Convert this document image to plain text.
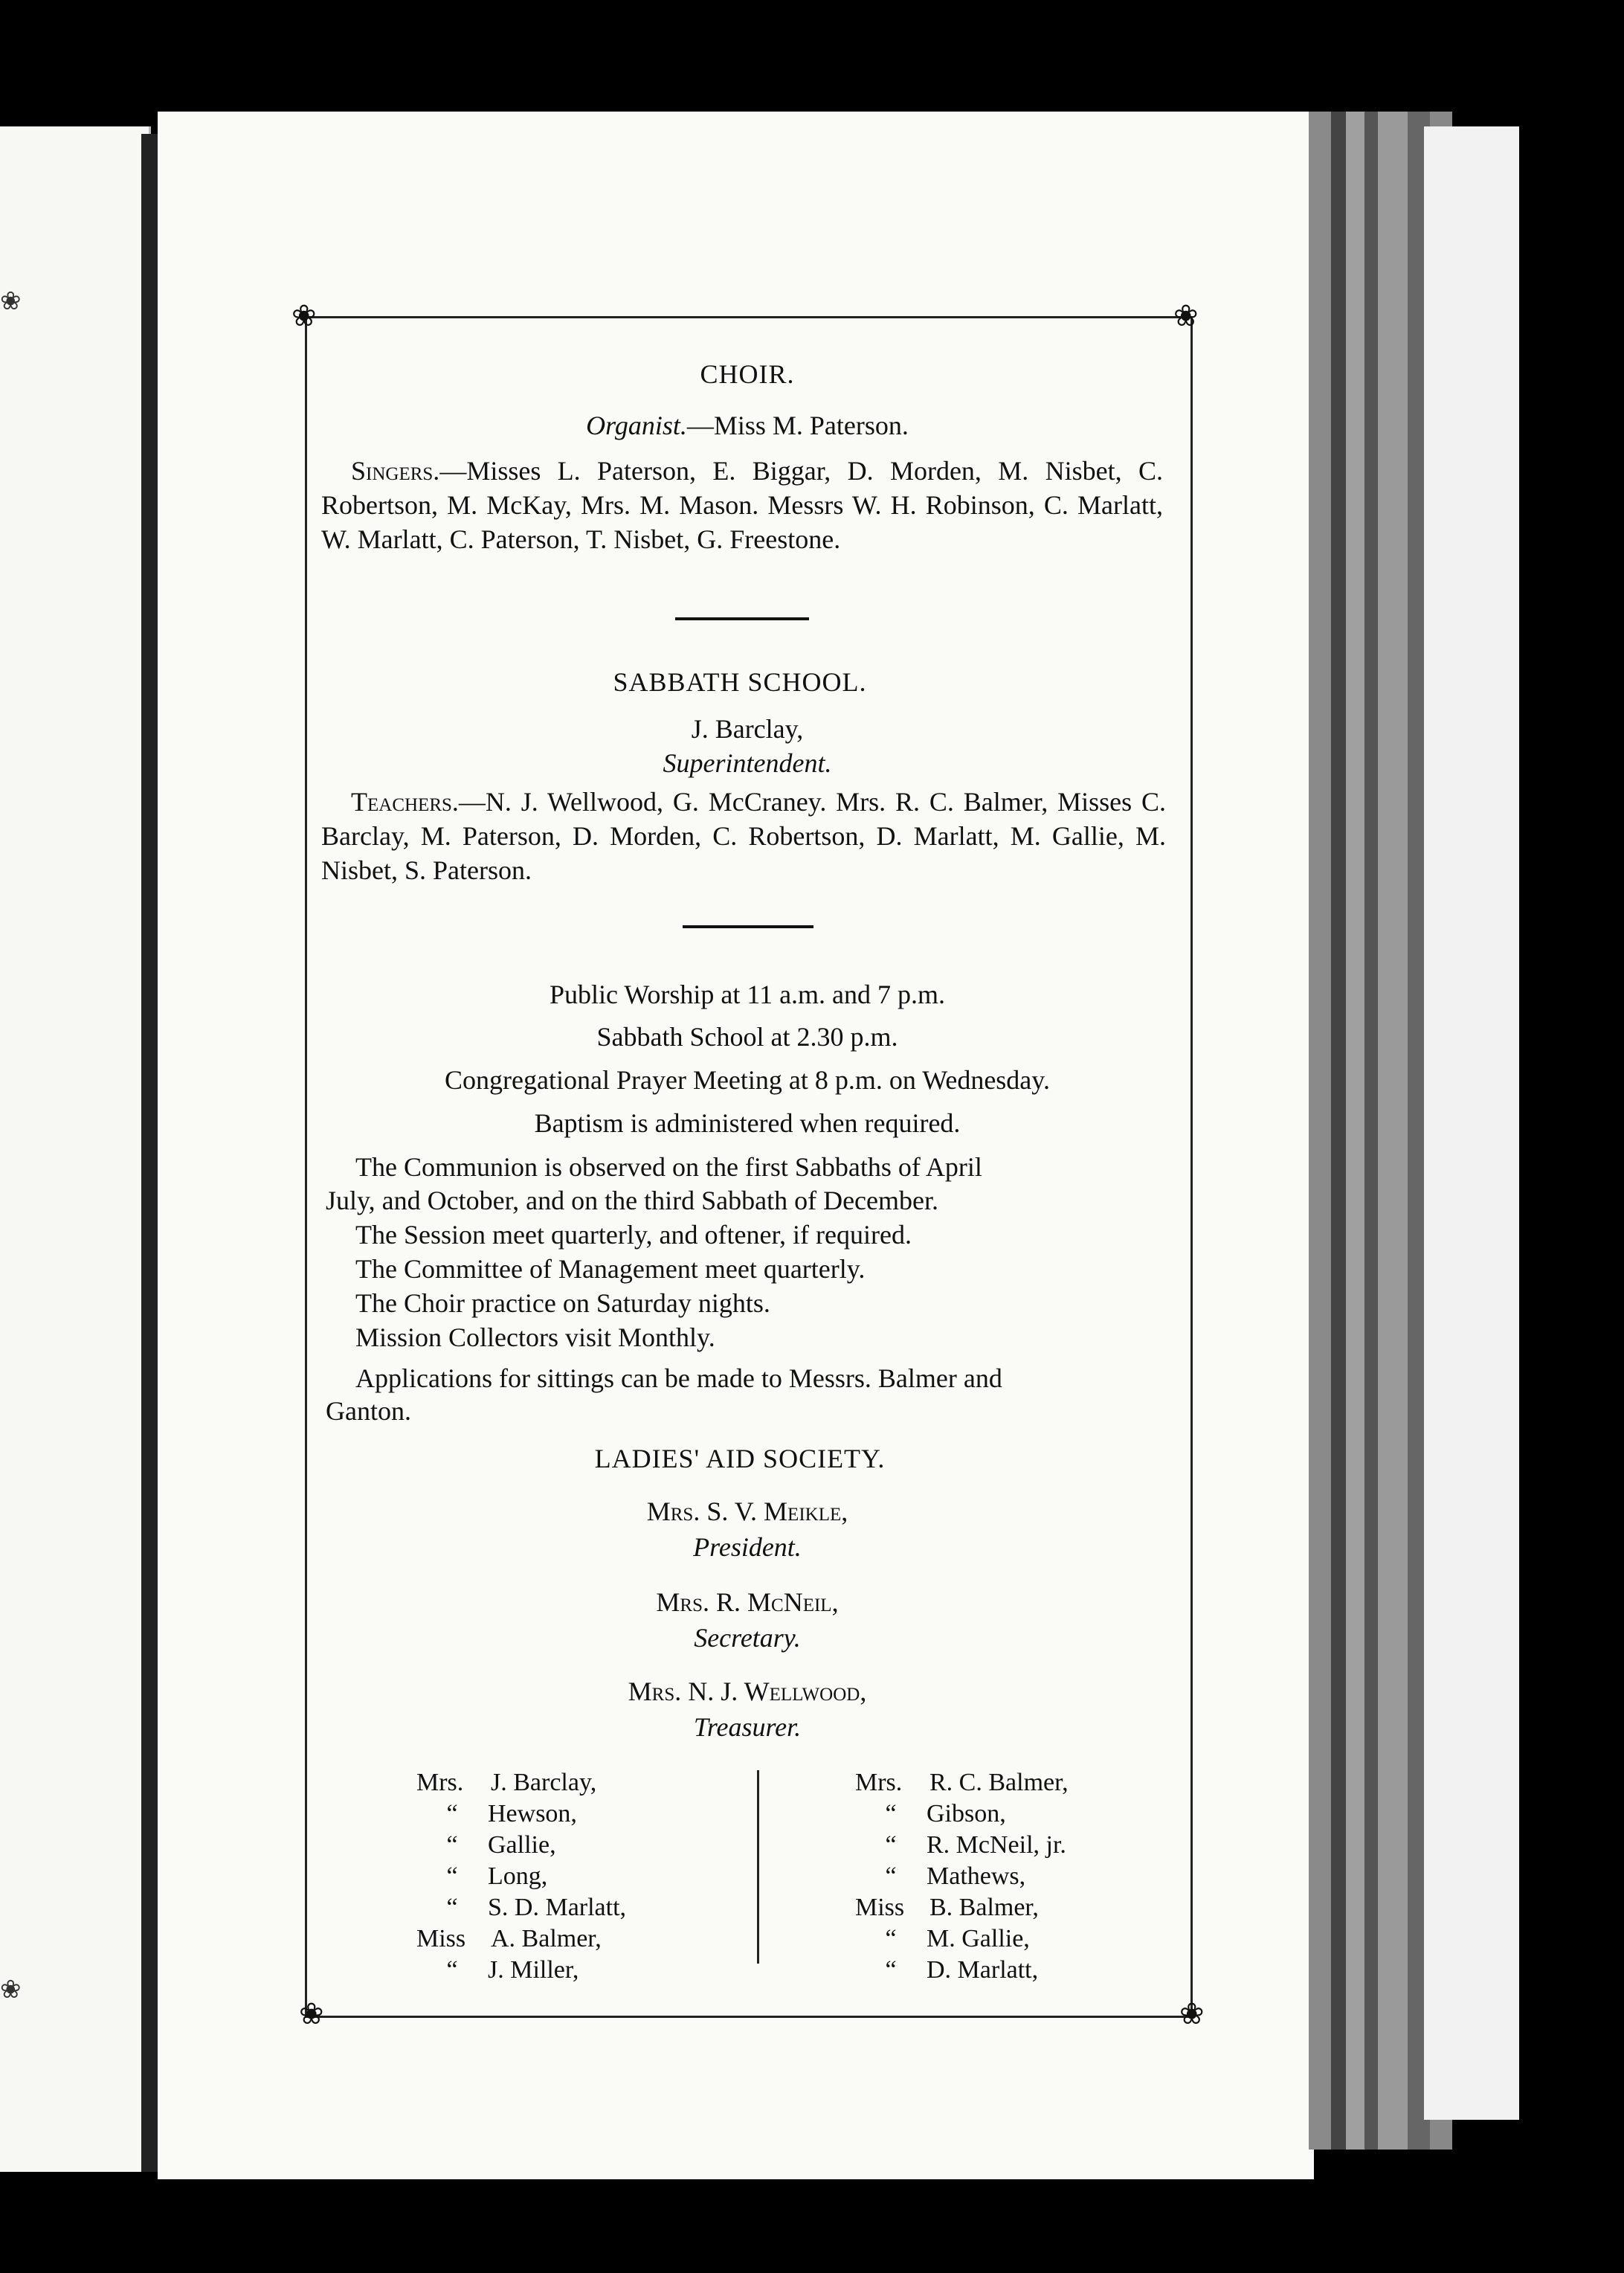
❀
❀
❀	❀
❀	❀
CHOIR.
Organist.—Miss M. Paterson.
Singers.—Misses L. Paterson, E. Biggar, D. Morden, M. Nisbet, C. Robertson, M. McKay, Mrs. M. Mason. Messrs W. H. Robinson, C. Marlatt, W. Marlatt, C. Paterson, T. Nisbet, G. Freestone.
SABBATH SCHOOL.
J. Barclay,
Superintendent.
Teachers.—N. J. Wellwood, G. McCraney. Mrs. R. C. Balmer, Misses C. Barclay, M. Paterson, D. Morden, C. Robertson, D. Marlatt, M. Gallie, M. Nisbet, S. Paterson.
Public Worship at 11 a.m. and 7 p.m.
Sabbath School at 2.30 p.m.
Congregational Prayer Meeting at 8 p.m. on Wednesday.
Baptism is administered when required.
The Communion is observed on the first Sabbaths of April
July, and October, and on the third Sabbath of December.
The Session meet quarterly, and oftener, if required.
The Committee of Management meet quarterly.
The Choir practice on Saturday nights.
Mission Collectors visit Monthly.
Applications for sittings can be made to Messrs. Balmer and
Ganton.
LADIES' AID SOCIETY.
Mrs. S. V. Meikle,
President.
Mrs. R. McNeil,
Secretary.
Mrs. N. J. Wellwood,
Treasurer.
Mrs.	J. Barclay,
“	Hewson,
“	Gallie,
“	Long,
“	S. D. Marlatt,
Miss A. Balmer,
“	J. Miller,
Mrs.	R. C. Balmer,
“	Gibson,
“	R. McNeil, jr.
“	Mathews,
Miss B. Balmer,
“	M. Gallie,
“	D. Marlatt,
